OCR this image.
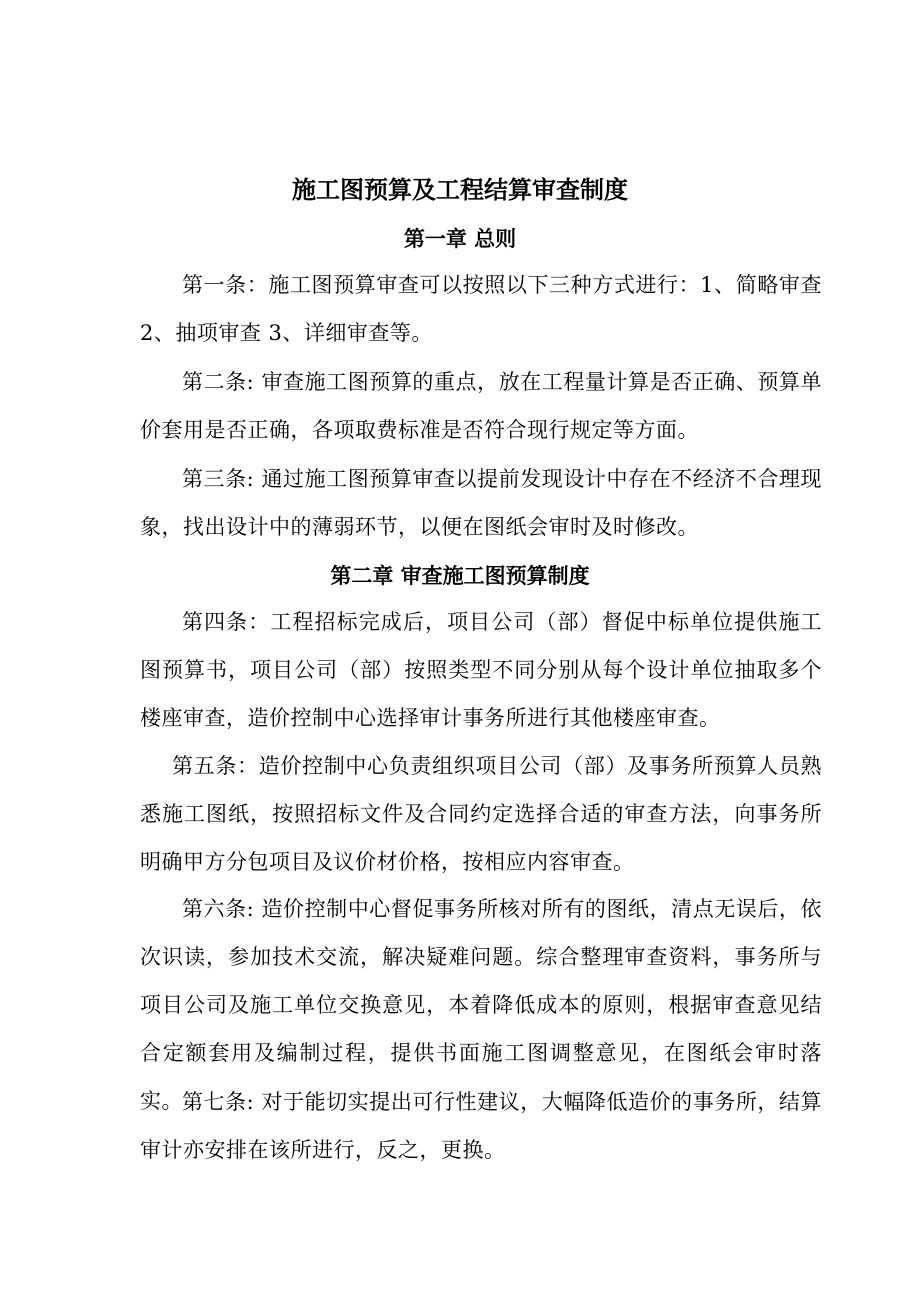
施工图预算及工程结算审查制度
第一章 总则

第一条：施工图预算审查可以按照以下三种方式进行：1、简略审查 2、抽项审查 3、详细审查等。

第二条: 审查施工图预算的重点，放在工程量计算是否正确、预算单价套用是否正确，各项取费标准是否符合现行规定等方面。

第三条: 通过施工图预算审查以提前发现设计中存在不经济不合理现象，找出设计中的薄弱环节，以便在图纸会审时及时修改。

第二章 审查施工图预算制度

第四条：工程招标完成后，项目公司（部）督促中标单位提供施工图预算书，项目公司（部）按照类型不同分别从每个设计单位抽取多个楼座审查，造价控制中心选择审计事务所进行其他楼座审查。

第五条：造价控制中心负责组织项目公司（部）及事务所预算人员熟悉施工图纸，按照招标文件及合同约定选择合适的审查方法，向事务所明确甲方分包项目及议价材价格，按相应内容审查。

第六条: 造价控制中心督促事务所核对所有的图纸，清点无误后，依次识读，参加技术交流，解决疑难问题。综合整理审查资料，事务所与项目公司及施工单位交换意见，本着降低成本的原则，根据审查意见结合定额套用及编制过程，提供书面施工图调整意见，在图纸会审时落实。 第七条: 对于能切实提出可行性建议，大幅降低造价的事务所，结算审计亦安排在该所进行，反之，更换。
